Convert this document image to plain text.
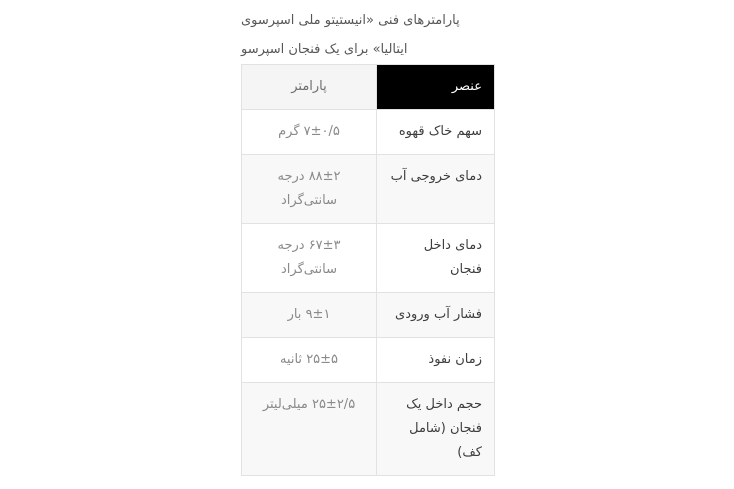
پارامترهای فنی «انیستیتو ملی اسپرسوی ایتالیا» برای یک فنجان اسپرسو

عنصر	پارامتر
سهم خاک قهوه	۷±۰/۵ گرم
دمای خروجی آب	۸۸±۲ درجه سانتی‌گراد
دمای داخل فنجان	۶۷±۳ درجه سانتی‌گراد
فشار آب ورودی	۹±۱ بار
زمان نفوذ	۲۵±۵ ثانیه
حجم داخل یک فنجان (شامل کف)	۲۵±۲/۵ میلی‌لیتر
